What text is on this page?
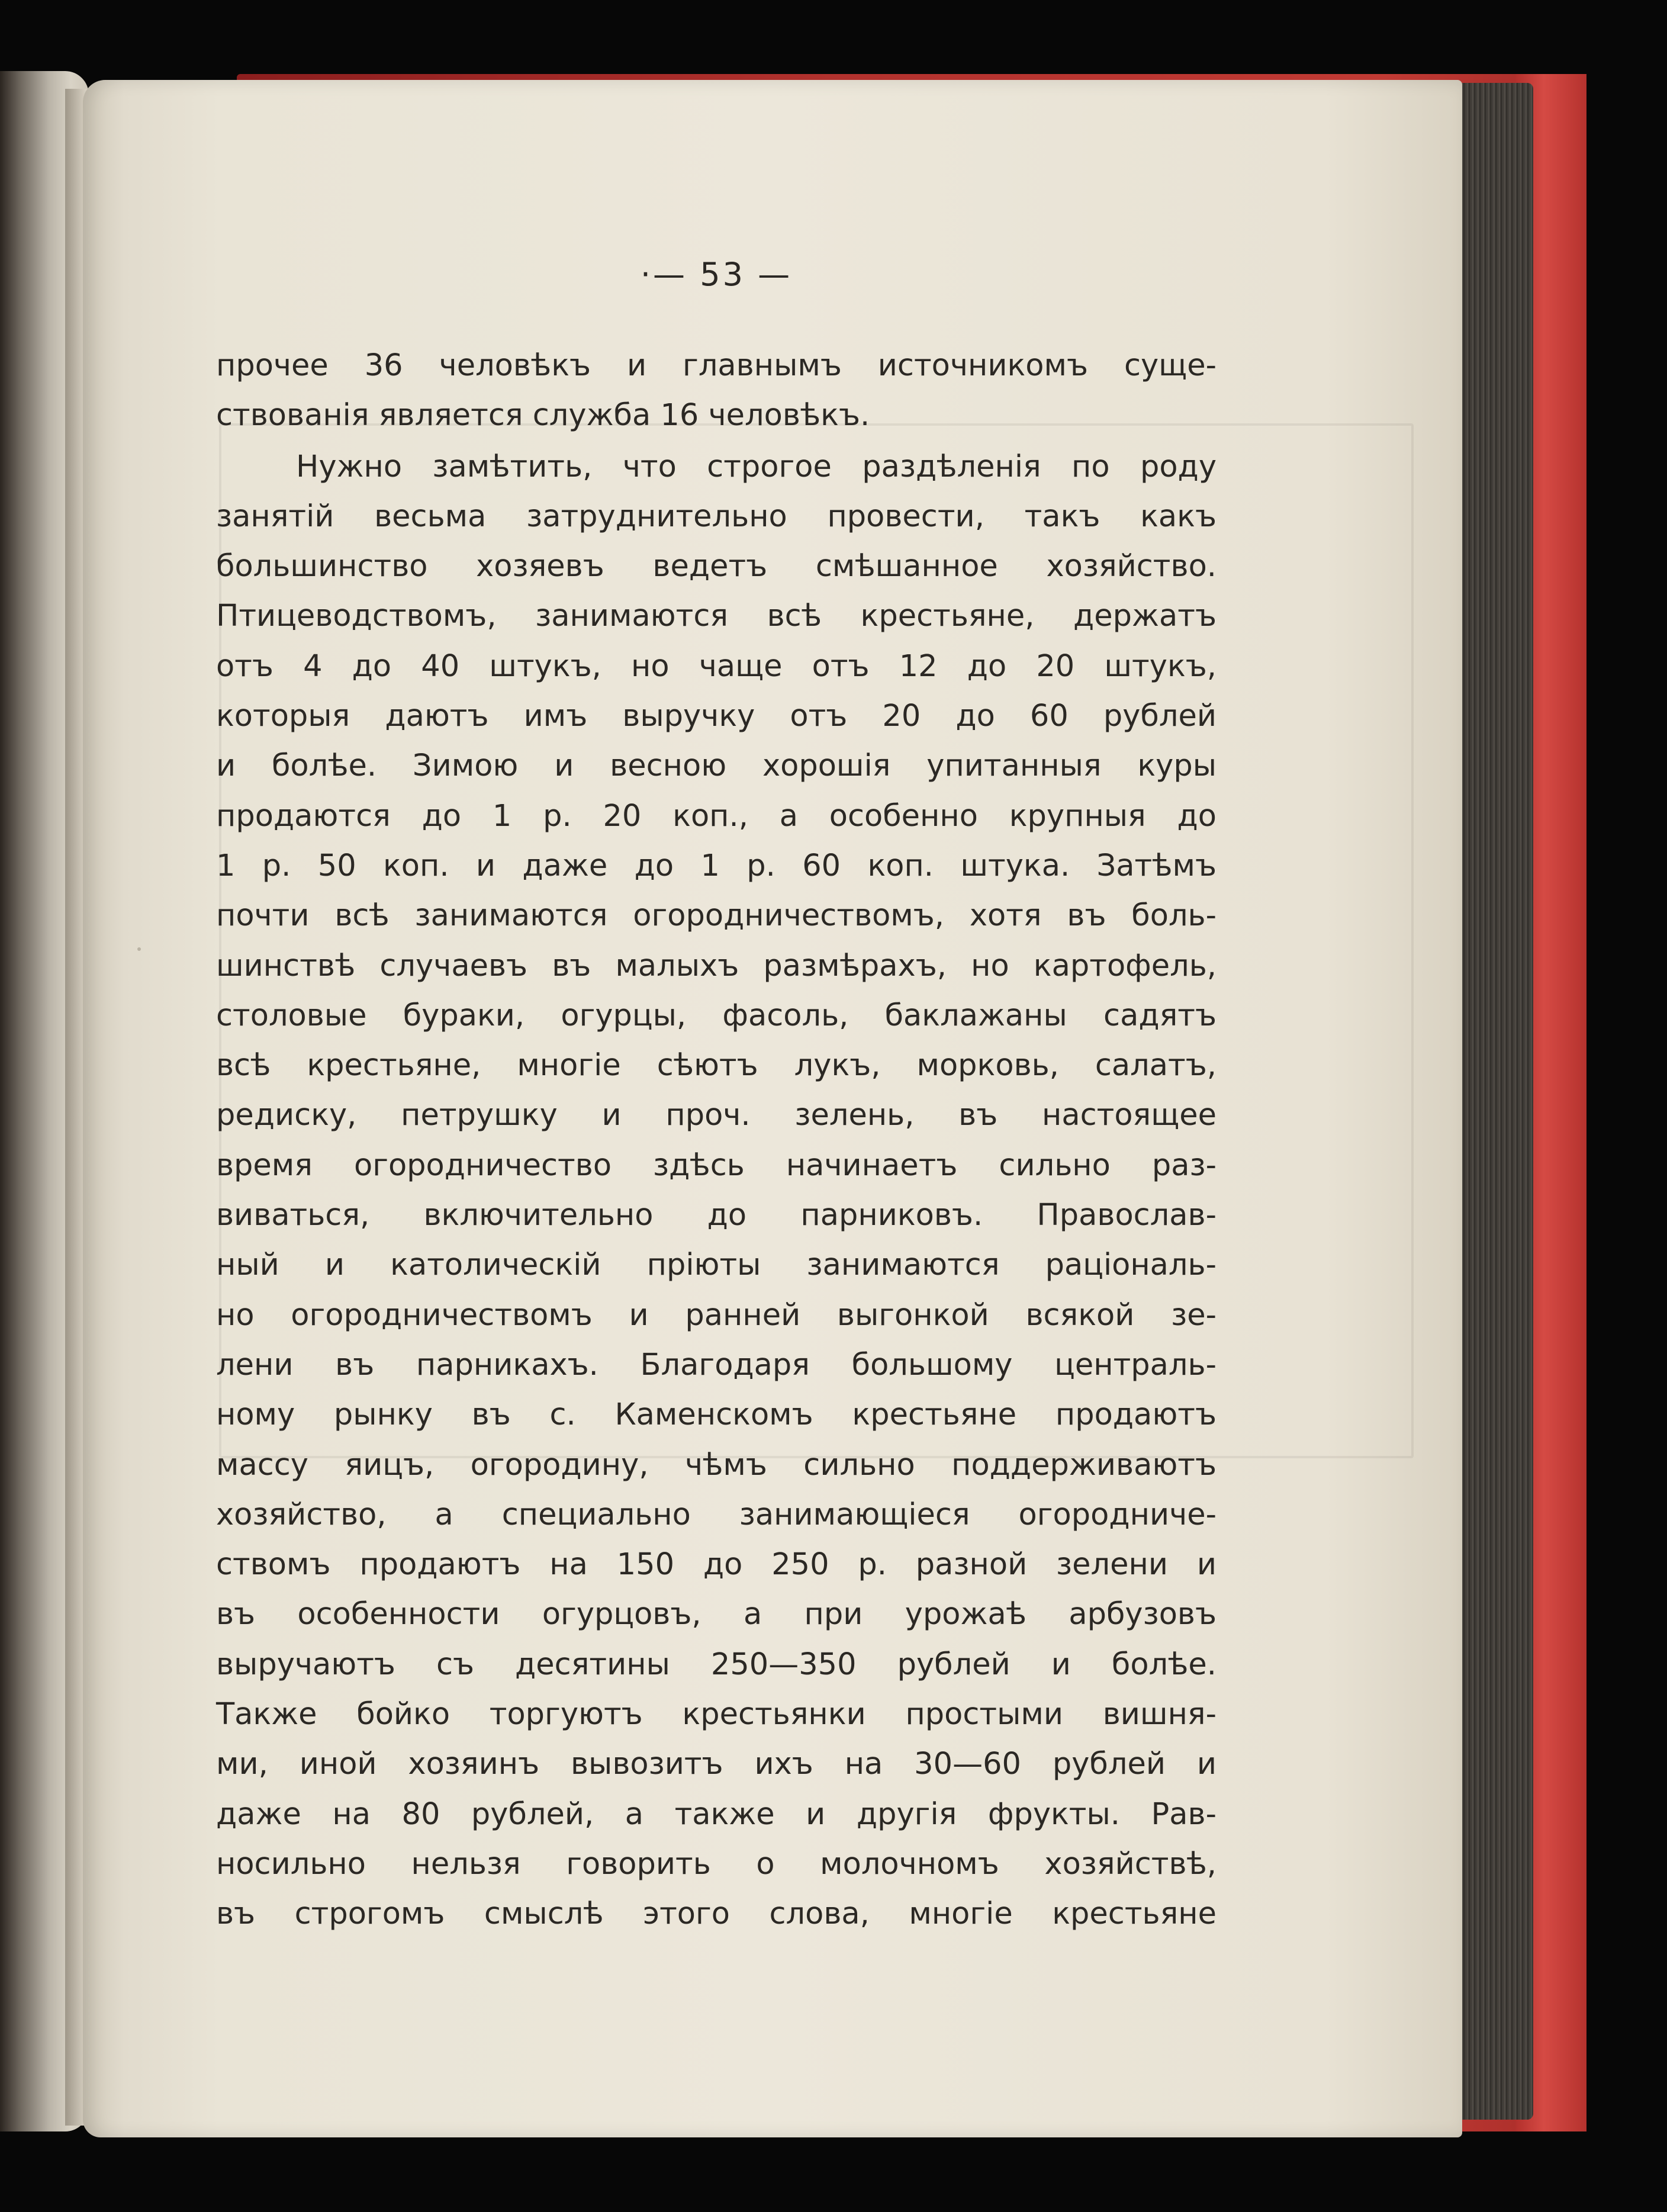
·— 53 —
прочее 36 человѣкъ и главнымъ источникомъ суще-
ствованія является служба 16 человѣкъ.
Нужно замѣтить, что строгое раздѣленія по роду
занятій весьма затруднительно провести, такъ какъ
большинство хозяевъ ведетъ смѣшанное хозяйство.
Птицеводствомъ, занимаются всѣ крестьяне, держатъ
отъ 4 до 40 штукъ, но чаще отъ 12 до 20 штукъ,
которыя даютъ имъ выручку отъ 20 до 60 рублей
и болѣе. Зимою и весною хорошія упитанныя куры
продаются до 1 р. 20 коп., а особенно крупныя до
1 р. 50 коп. и даже до 1 р. 60 коп. штука. Затѣмъ
почти всѣ занимаются огородничествомъ, хотя въ боль-
шинствѣ случаевъ въ малыхъ размѣрахъ, но картофель,
столовые бураки, огурцы, фасоль, баклажаны садятъ
всѣ крестьяне, многіе сѣютъ лукъ, морковь, салатъ,
редиску, петрушку и проч. зелень, въ настоящее
время огородничество здѣсь начинаетъ сильно раз-
виваться, включительно до парниковъ. Православ-
ный и католическій пріюты занимаются раціональ-
но огородничествомъ и ранней выгонкой всякой зе-
лени въ парникахъ. Благодаря большому централь-
ному рынку въ с. Каменскомъ крестьяне продаютъ
массу яицъ, огородину, чѣмъ сильно поддерживаютъ
хозяйство, а специально занимающіеся огородниче-
ствомъ продаютъ на 150 до 250 р. разной зелени и
въ особенности огурцовъ, а при урожаѣ арбузовъ
выручаютъ съ десятины 250—350 рублей и болѣе.
Также бойко торгуютъ крестьянки простыми вишня-
ми, иной хозяинъ вывозитъ ихъ на 30—60 рублей и
даже на 80 рублей, а также и другія фрукты. Рав-
носильно нельзя говорить о молочномъ хозяйствѣ,
въ строгомъ смыслѣ этого слова, многіе крестьяне
